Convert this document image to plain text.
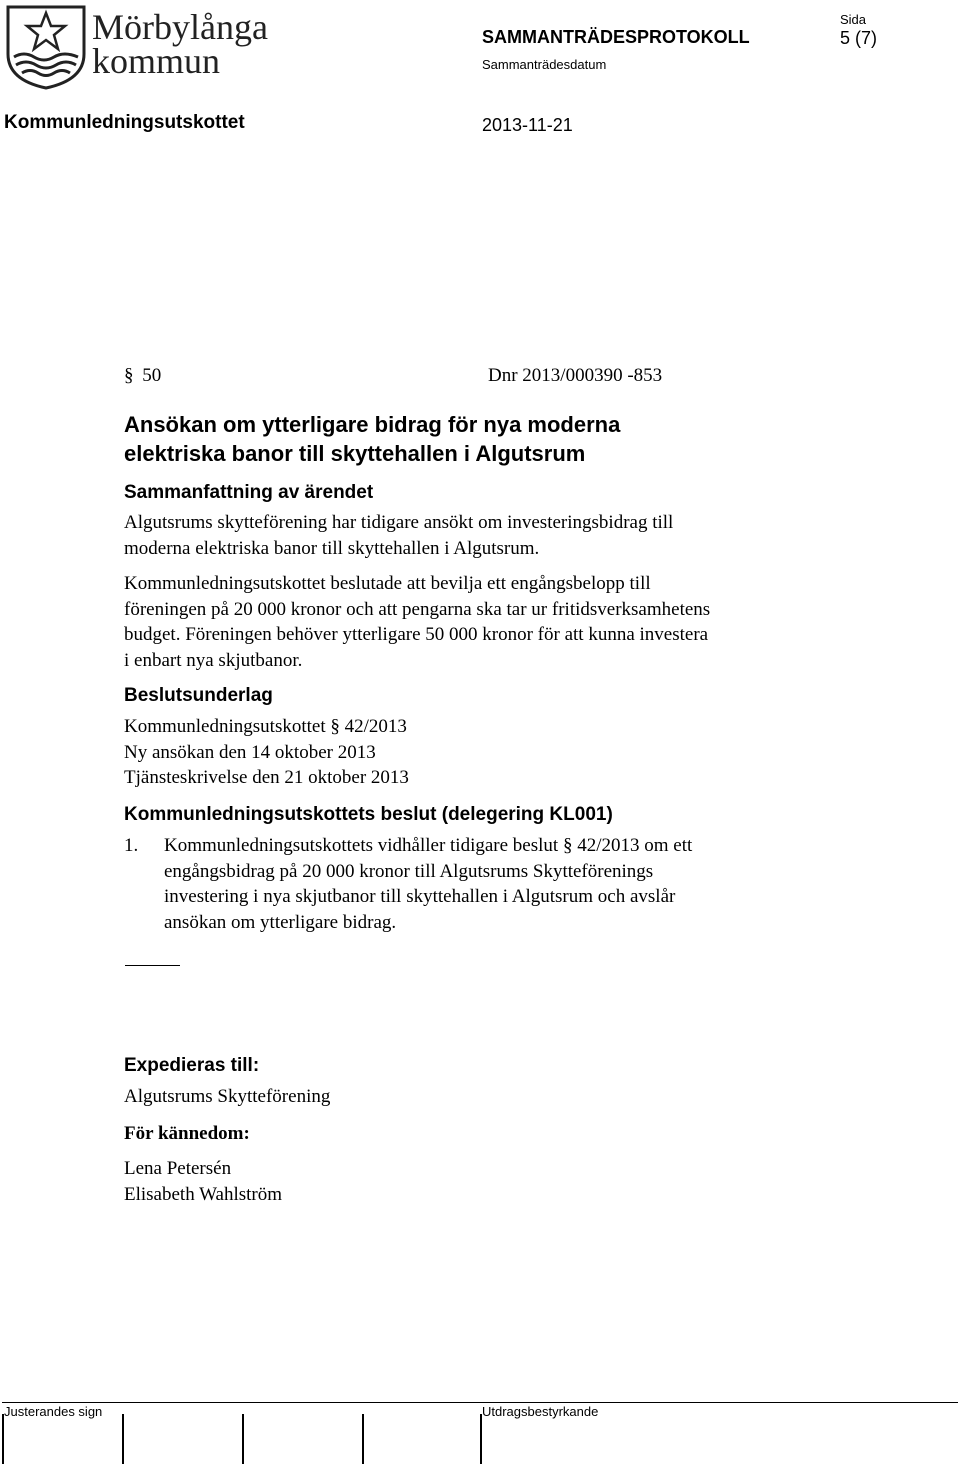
Mörbylånga
kommun
SAMMANTRÄDESPROTOKOLL
Sida
5 (7)
Sammanträdesdatum
Kommunledningsutskottet	2013-11-21
§ 50	Dnr 2013/000390 -853
Ansökan om ytterligare bidrag för nya moderna
elektriska banor till skyttehallen i Algutsrum
Sammanfattning av ärendet
Algutsrums skytteförening har tidigare ansökt om investeringsbidrag till
moderna elektriska banor till skyttehallen i Algutsrum.
Kommunledningsutskottet beslutade att bevilja ett engångsbelopp till
föreningen på 20 000 kronor och att pengarna ska tar ur fritidsverksamhetens
budget. Föreningen behöver ytterligare 50 000 kronor för att kunna investera
i enbart nya skjutbanor.
Beslutsunderlag
Kommunledningsutskottet § 42/2013
Ny ansökan den 14 oktober 2013
Tjänsteskrivelse den 21 oktober 2013
Kommunledningsutskottets beslut (delegering KL001)
1. Kommunledningsutskottets vidhåller tidigare beslut § 42/2013 om ett
engångsbidrag på 20 000 kronor till Algutsrums Skytteförenings
investering i nya skjutbanor till skyttehallen i Algutsrum och avslår
ansökan om ytterligare bidrag.
Expedieras till:
Algutsrums Skytteförening
För kännedom:
Lena Petersén
Elisabeth Wahlström
Justerandes sign	Utdragsbestyrkande
